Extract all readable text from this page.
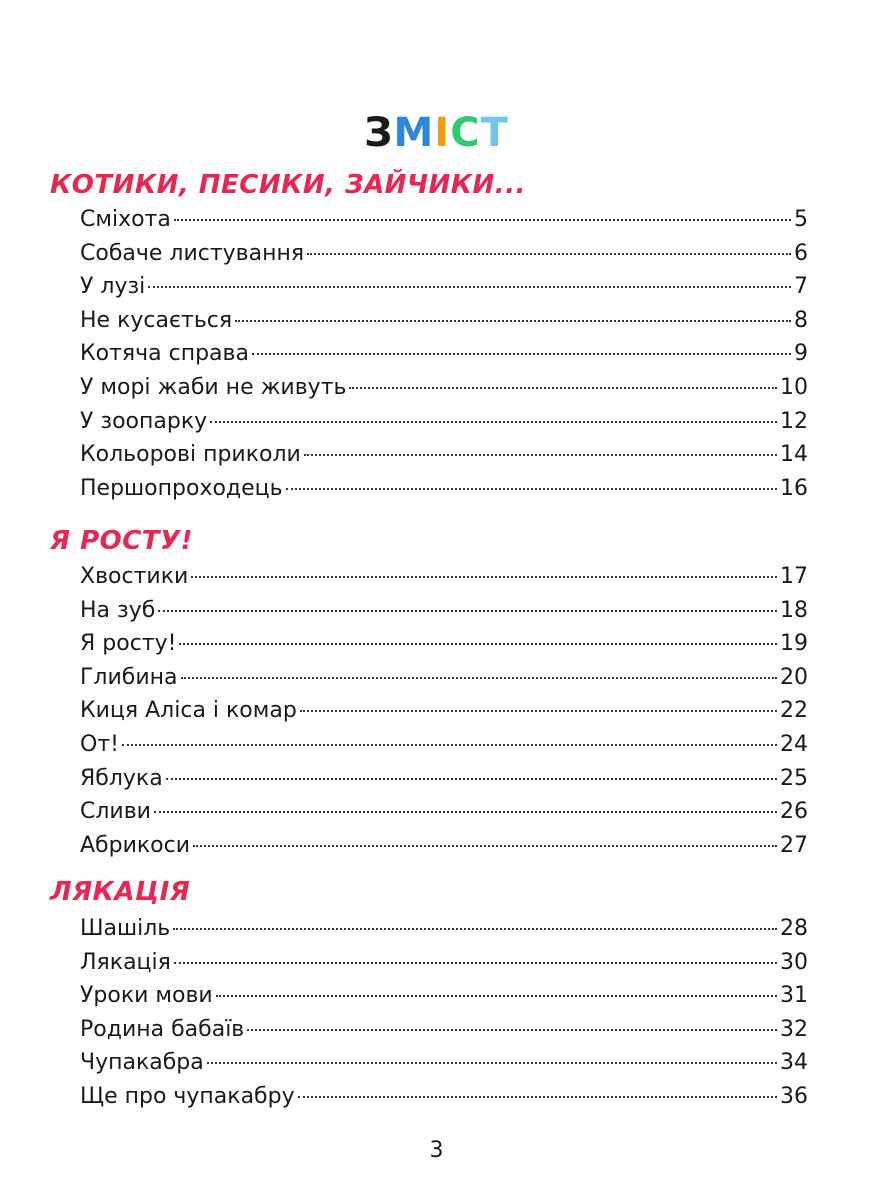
ЗМІСТ
КОТИКИ, ПЕСИКИ, ЗАЙЧИКИ...
Сміхота	5
Собаче листування	6
У лузі	7
Не кусається	8
Котяча справа	9
У морі жаби не живуть	10
У зоопарку	12
Кольорові приколи	14
Першопроходець	16
Я РОСТУ!
Хвостики	17
На зуб	18
Я росту!	19
Глибина	20
Киця Аліса і комар	22
От!	24
Яблука	25
Сливи	26
Абрикоси	27
ЛЯКАЦІЯ
Шашіль	28
Лякація	30
Уроки мови	31
Родина бабаїв	32
Чупакабра	34
Ще про чупакабру	36
3
